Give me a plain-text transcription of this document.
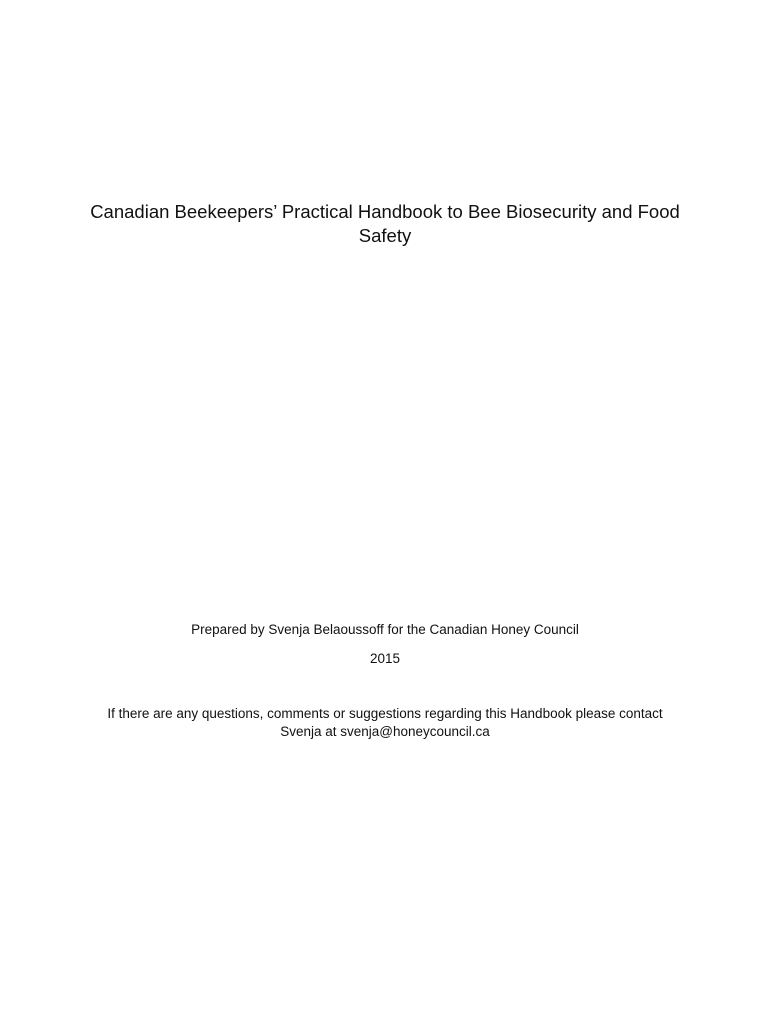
Canadian Beekeepers’ Practical Handbook to Bee Biosecurity and Food
Safety

Prepared by Svenja Belaoussoff for the Canadian Honey Council

2015

If there are any questions, comments or suggestions regarding this Handbook please contact
Svenja at svenja@honeycouncil.ca
